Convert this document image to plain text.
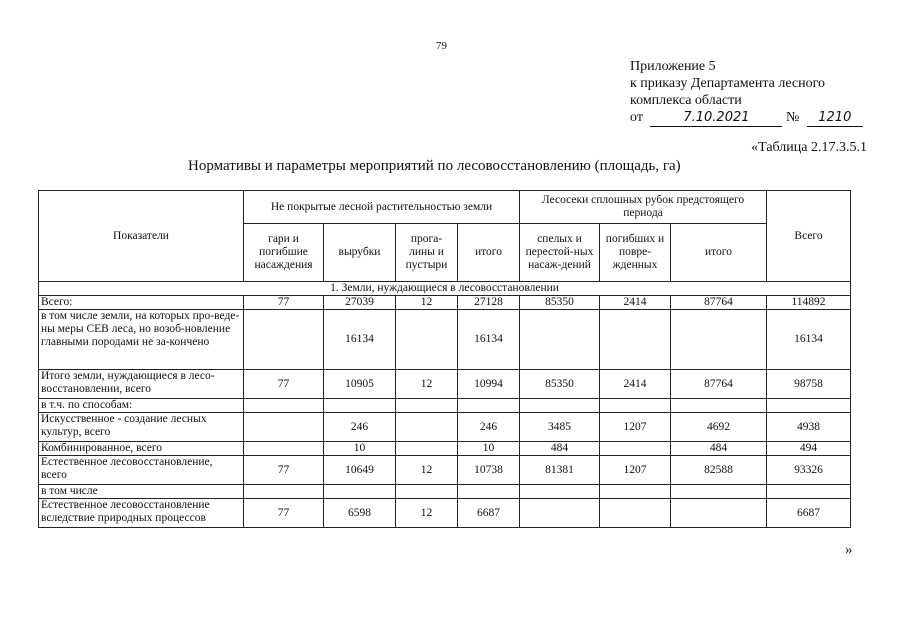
79
Приложение 5
к приказу Департамента лесного
комплекса области
от	7.10.2021	№ 1210
«Таблица 2.17.3.5.1
Нормативы и параметры мероприятий по лесовосстановлению (площадь, га)
Показатели	Не покрытые лесной растительностью земли				Лесосеки сплошных рубок предстоящего периода			Всего
	гари и погибшие насаждения	вырубки	прога-лины и пустыри	итого	спелых и перестой-ных насаж-дений	погибших и повре-жденных	итого	
1. Земли, нуждающиеся в лесовосстановлении								
Всего:	77	27039	12	27128	85350	2414	87764	114892
в том числе земли, на которых про-ведены меры СЕВ леса, но возоб-новление главными породами не за-кончено		16134		16134				16134
Итого земли, нуждающиеся в лесо-восстановлении, всего	77	10905	12	10994	85350	2414	87764	98758
в т.ч. по способам:								
Искусственное - создание лесных культур, всего		246		246	3485	1207	4692	4938
Комбинированное, всего		10		10	484		484	494
Естественное лесовосстановление, всего	77	10649	12	10738	81381	1207	82588	93326
в том числе								
Естественное лесовосстановление вследствие природных процессов	77	6598	12	6687				6687
»
